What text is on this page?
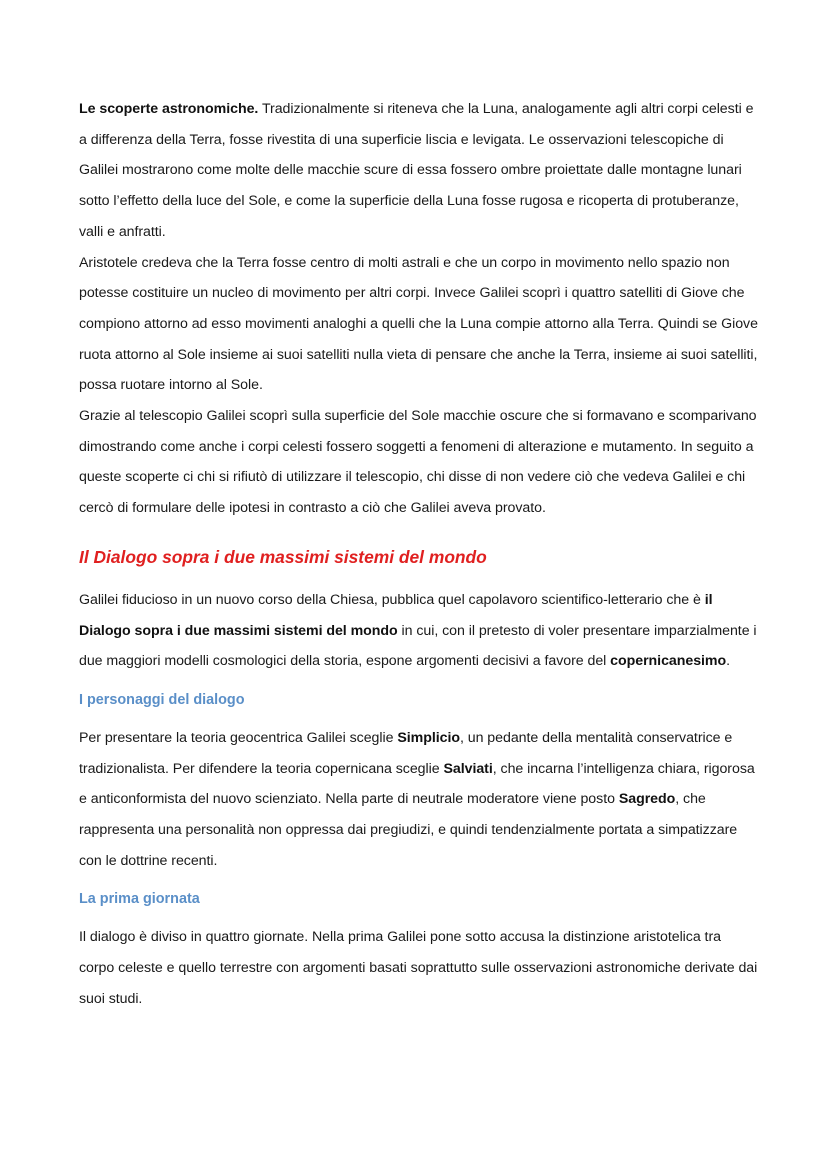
Le scoperte astronomiche. Tradizionalmente si riteneva che la Luna, analogamente agli altri corpi celesti e a differenza della Terra, fosse rivestita di una superficie liscia e levigata. Le osservazioni telescopiche di Galilei mostrarono come molte delle macchie scure di essa fossero ombre proiettate dalle montagne lunari sotto l’effetto della luce del Sole, e come la superficie della Luna fosse rugosa e ricoperta di protuberanze, valli e anfratti.

Aristotele credeva che la Terra fosse centro di molti astrali e che un corpo in movimento nello spazio non potesse costituire un nucleo di movimento per altri corpi. Invece Galilei scoprì i quattro satelliti di Giove che compiono attorno ad esso movimenti analoghi a quelli che la Luna compie attorno alla Terra. Quindi se Giove ruota attorno al Sole insieme ai suoi satelliti nulla vieta di pensare che anche la Terra, insieme ai suoi satelliti, possa ruotare intorno al Sole.

Grazie al telescopio Galilei scoprì sulla superficie del Sole macchie oscure che si formavano e scomparivano dimostrando come anche i corpi celesti fossero soggetti a fenomeni di alterazione e mutamento. In seguito a queste scoperte ci chi si rifiutò di utilizzare il telescopio, chi disse di non vedere ciò che vedeva Galilei e chi cercò di formulare delle ipotesi in contrasto a ciò che Galilei aveva provato.

Il Dialogo sopra i due massimi sistemi del mondo

Galilei fiducioso in un nuovo corso della Chiesa, pubblica quel capolavoro scientifico-letterario che è il Dialogo sopra i due massimi sistemi del mondo in cui, con il pretesto di voler presentare imparzialmente i due maggiori modelli cosmologici della storia, espone argomenti decisivi a favore del copernicanesimo.

I personaggi del dialogo

Per presentare la teoria geocentrica Galilei sceglie Simplicio, un pedante della mentalità conservatrice e tradizionalista. Per difendere la teoria copernicana sceglie Salviati, che incarna l’intelligenza chiara, rigorosa e anticonformista del nuovo scienziato. Nella parte di neutrale moderatore viene posto Sagredo, che rappresenta una personalità non oppressa dai pregiudizi, e quindi tendenzialmente portata a simpatizzare con le dottrine recenti.

La prima giornata

Il dialogo è diviso in quattro giornate. Nella prima Galilei pone sotto accusa la distinzione aristotelica tra corpo celeste e quello terrestre con argomenti basati soprattutto sulle osservazioni astronomiche derivate dai suoi studi.
